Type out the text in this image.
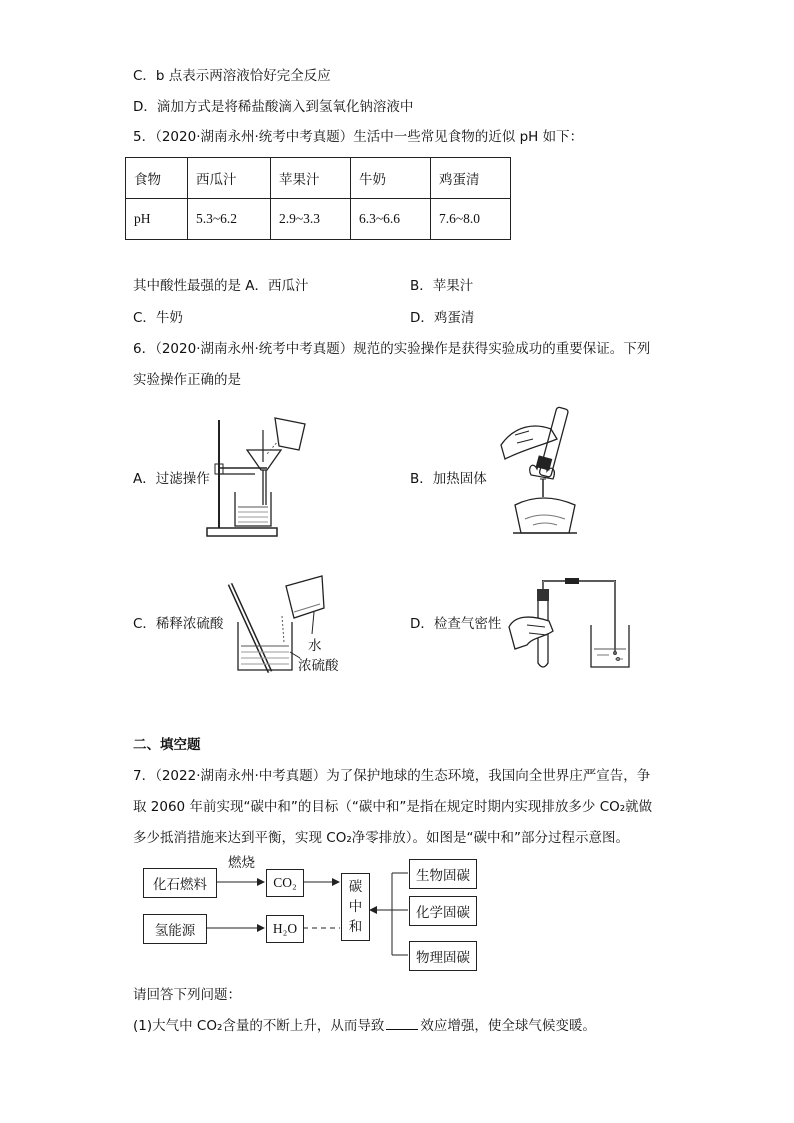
C．b 点表示两溶液恰好完全反应
D．滴加方式是将稀盐酸滴入到氢氧化钠溶液中
5．（2020·湖南永州·统考中考真题）生活中一些常见食物的近似 pH 如下：
食物	西瓜汁	苹果汁	牛奶	鸡蛋清
pH	5.3~6.2	2.9~3.3	6.3~6.6	7.6~8.0
其中酸性最强的是 A．西瓜汁	B．苹果汁
C．牛奶	D．鸡蛋清
6．（2020·湖南永州·统考中考真题）规范的实验操作是获得实验成功的重要保证。下列
实验操作正确的是
A．过滤操作	B．加热固体
C．稀释浓硫酸	D．检查气密性
水
浓硫酸
二、填空题
7．（2022·湖南永州·中考真题）为了保护地球的生态环境，我国向全世界庄严宣告，争
取 2060 年前实现“碳中和”的目标（“碳中和”是指在规定时期内实现排放多少 CO₂就做
多少抵消措施来达到平衡，实现 CO₂净零排放）。如图是“碳中和”部分过程示意图。
化石燃料
燃烧
CO₂
氢能源	H₂O
碳
中
和
生物固碳
化学固碳
物理固碳
请回答下列问题：
(1)大气中 CO₂含量的不断上升，从而导致	效应增强，使全球气候变暖。
